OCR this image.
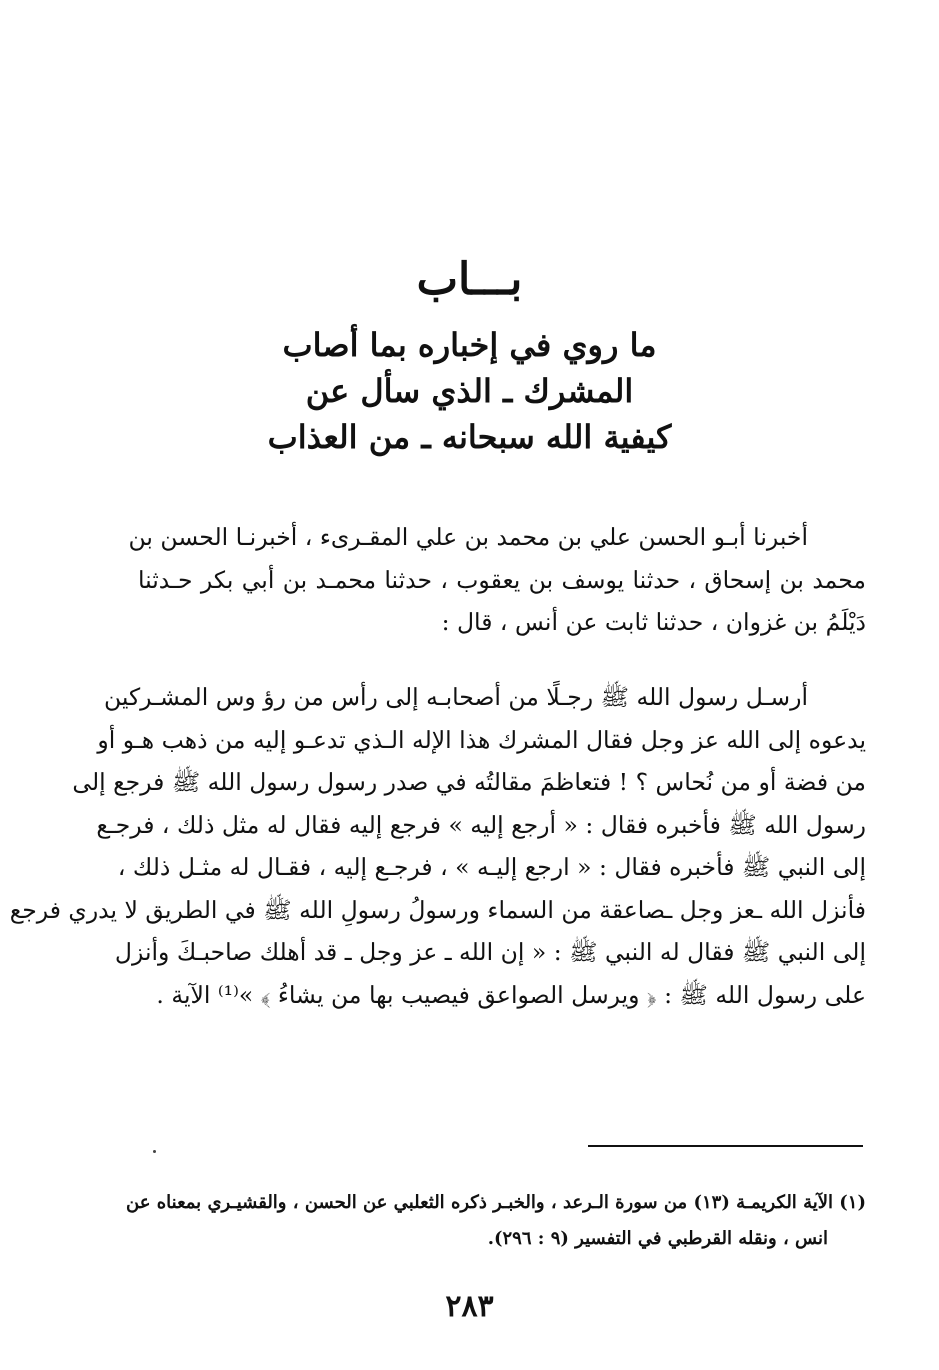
بـــاب
ما روي في إخباره بما أصاب
المشرك ـ الذي سأل عن
كيفية الله سبحانه ـ من العذاب
أخبرنا أبـو الحسن علي بن محمد بن علي المقـرىء ، أخبرنـا الحسن بن
محمد بن إسحاق ، حدثنا يوسف بن يعقوب ، حدثنا محمـد بن أبي بكر حـدثنا
دَيْلَمُ بن غزوان ، حدثنا ثابت عن أنس ، قال :
أرسـل رسول الله ﷺ رجـلًا من أصحابـه إلى رأس من رؤ وس المشـركين
يدعوه إلى الله عز وجل فقال المشرك هذا الإله الـذي تدعـو إليه من ذهب هـو أو
من فضة أو من نُحاس ؟ ! فتعاظمَ مقالتُه في صدر رسول رسول الله ﷺ فرجع إلى
رسول الله ﷺ فأخبره فقال : « أرجع إليه » فرجع إليه فقال له مثل ذلك ، فرجـع
إلى النبي ﷺ فأخبره فقال : « ارجع إليـه » ، فرجـع إليه ، فقـال له مثـل ذلك ،
فأنزل الله ـعز وجل ـصاعقة من السماء ورسولُ رسولِ الله ﷺ في الطريق لا يدري فرجع
إلى النبي ﷺ فقال له النبي ﷺ : « إن الله ـ عز وجل ـ قد أهلك صاحبـكَ وأنزل
على رسول الله ﷺ : ﴿ ويرسل الصواعق فيصيب بها من يشاءُ ﴾ »⁽¹⁾ الآية .
(١) الآية الكريمـة (١٣) من سورة الـرعد ، والخبـر ذكره الثعلبي عن الحسن ، والقشيـري بمعناه عن
انس ، ونقله القرطبي في التفسير (٩ : ٢٩٦).
٢٨٣
